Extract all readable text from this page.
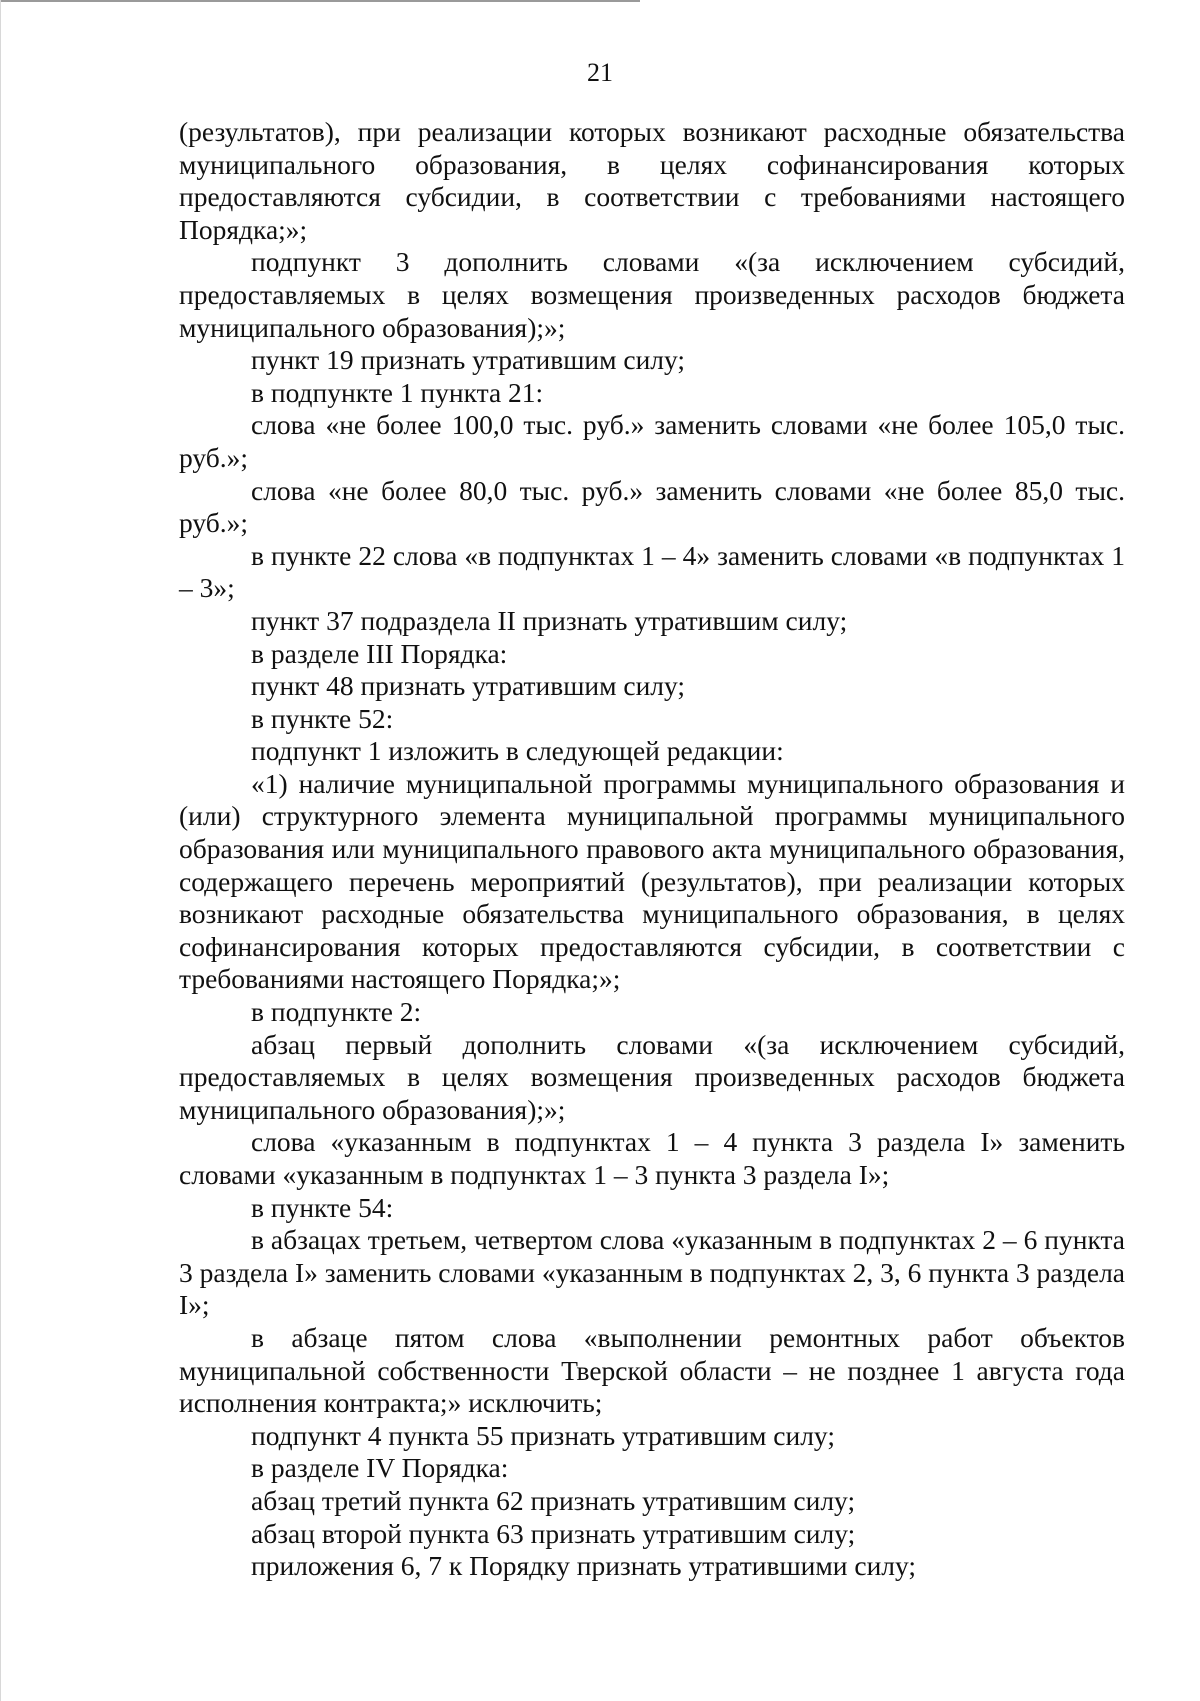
21

(результатов), при реализации которых возникают расходные обязательства муниципального образования, в целях софинансирования которых предоставляются субсидии, в соответствии с требованиями настоящего Порядка;»;

подпункт 3 дополнить словами «(за исключением субсидий, предоставляемых в целях возмещения произведенных расходов бюджета муниципального образования);»;

пункт 19 признать утратившим силу;

в подпункте 1 пункта 21:

слова «не более 100,0 тыс. руб.» заменить словами «не более 105,0 тыс. руб.»;

слова «не более 80,0 тыс. руб.» заменить словами «не более 85,0 тыс. руб.»;

в пункте 22 слова «в подпунктах 1 – 4» заменить словами «в подпунктах 1 – 3»;

пункт 37 подраздела II признать утратившим силу;

в разделе III Порядка:

пункт 48 признать утратившим силу;

в пункте 52:

подпункт 1 изложить в следующей редакции:

«1) наличие муниципальной программы муниципального образования и (или) структурного элемента муниципальной программы муниципального образования или муниципального правового акта муниципального образования, содержащего перечень мероприятий (результатов), при реализации которых возникают расходные обязательства муниципального образования, в целях софинансирования которых предоставляются субсидии, в соответствии с требованиями настоящего Порядка;»;

в подпункте 2:

абзац первый дополнить словами «(за исключением субсидий, предоставляемых в целях возмещения произведенных расходов бюджета муниципального образования);»;

слова «указанным в подпунктах 1 – 4 пункта 3 раздела I» заменить словами «указанным в подпунктах 1 – 3 пункта 3 раздела I»;

в пункте 54:

в абзацах третьем, четвертом слова «указанным в подпунктах 2 – 6 пункта 3 раздела I» заменить словами «указанным в подпунктах 2, 3, 6 пункта 3 раздела I»;

в абзаце пятом слова «выполнении ремонтных работ объектов муниципальной собственности Тверской области – не позднее 1 августа года исполнения контракта;» исключить;

подпункт 4 пункта 55 признать утратившим силу;

в разделе IV Порядка:

абзац третий пункта 62 признать утратившим силу;

абзац второй пункта 63 признать утратившим силу;

приложения 6, 7 к Порядку признать утратившими силу;
